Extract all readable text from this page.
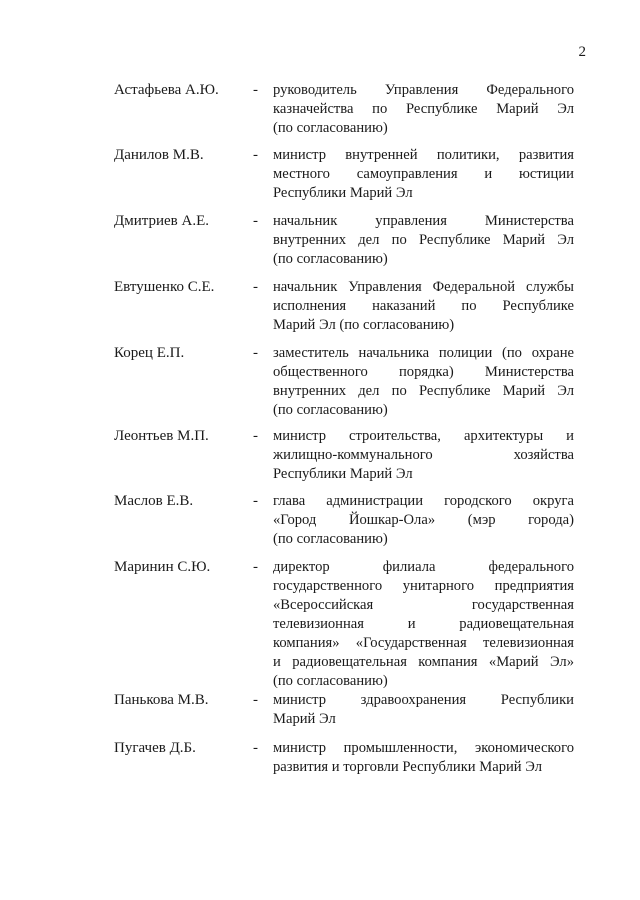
2
Астафьева А.Ю.	-	руководитель Управления Федерального
казначейства по Республике Марий Эл
(по согласованию)
Данилов М.В.	-	министр внутренней политики, развития
местного самоуправления и юстиции
Республики Марий Эл
Дмитриев А.Е.	-	начальник управления Министерства
внутренних дел по Республике Марий Эл
(по согласованию)
Евтушенко С.Е.	-	начальник Управления Федеральной службы
исполнения наказаний по Республике
Марий Эл (по согласованию)
Корец Е.П.	-	заместитель начальника полиции (по охране
общественного порядка) Министерства
внутренних дел по Республике Марий Эл
(по согласованию)
Леонтьев М.П.	-	министр строительства, архитектуры и
жилищно-коммунального хозяйства
Республики Марий Эл
Маслов Е.В.	-	глава администрации городского округа
«Город Йошкар-Ола» (мэр города)
(по согласованию)
Маринин С.Ю.	-	директор филиала федерального
государственного унитарного предприятия
«Всероссийская государственная
телевизионная и радиовещательная
компания» «Государственная телевизионная
и радиовещательная компания «Марий Эл»
(по согласованию)
Панькова М.В.	-	министр здравоохранения Республики
Марий Эл
Пугачев Д.Б.	-	министр промышленности, экономического
развития и торговли Республики Марий Эл
